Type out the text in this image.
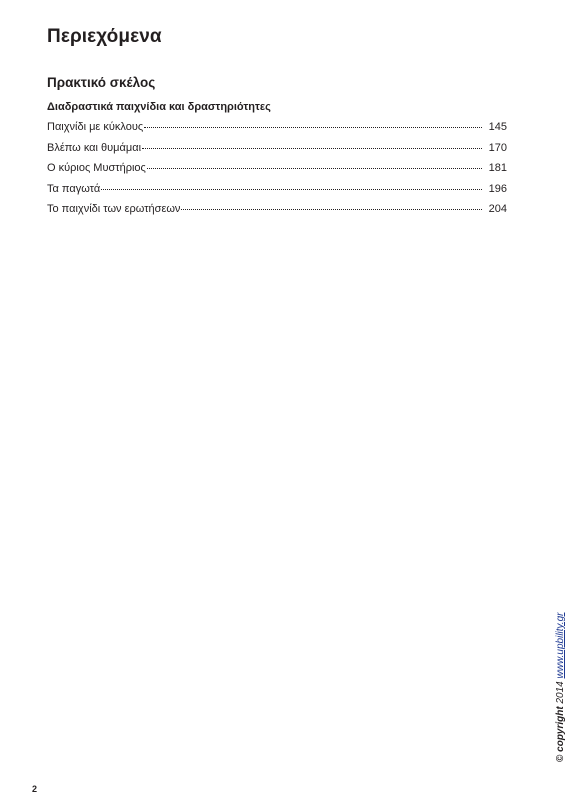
Περιεχόμενα
Πρακτικό σκέλος
Διαδραστικά παιχνίδια και δραστηριότητες
Παιχνίδι με κύκλους	145
Βλέπω και θυμάμαι	170
Ο κύριος Μυστήριος	181
Τα παγωτά	196
Το παιχνίδι των ερωτήσεων	204
© copyright 2014 www.upbility.gr
2
